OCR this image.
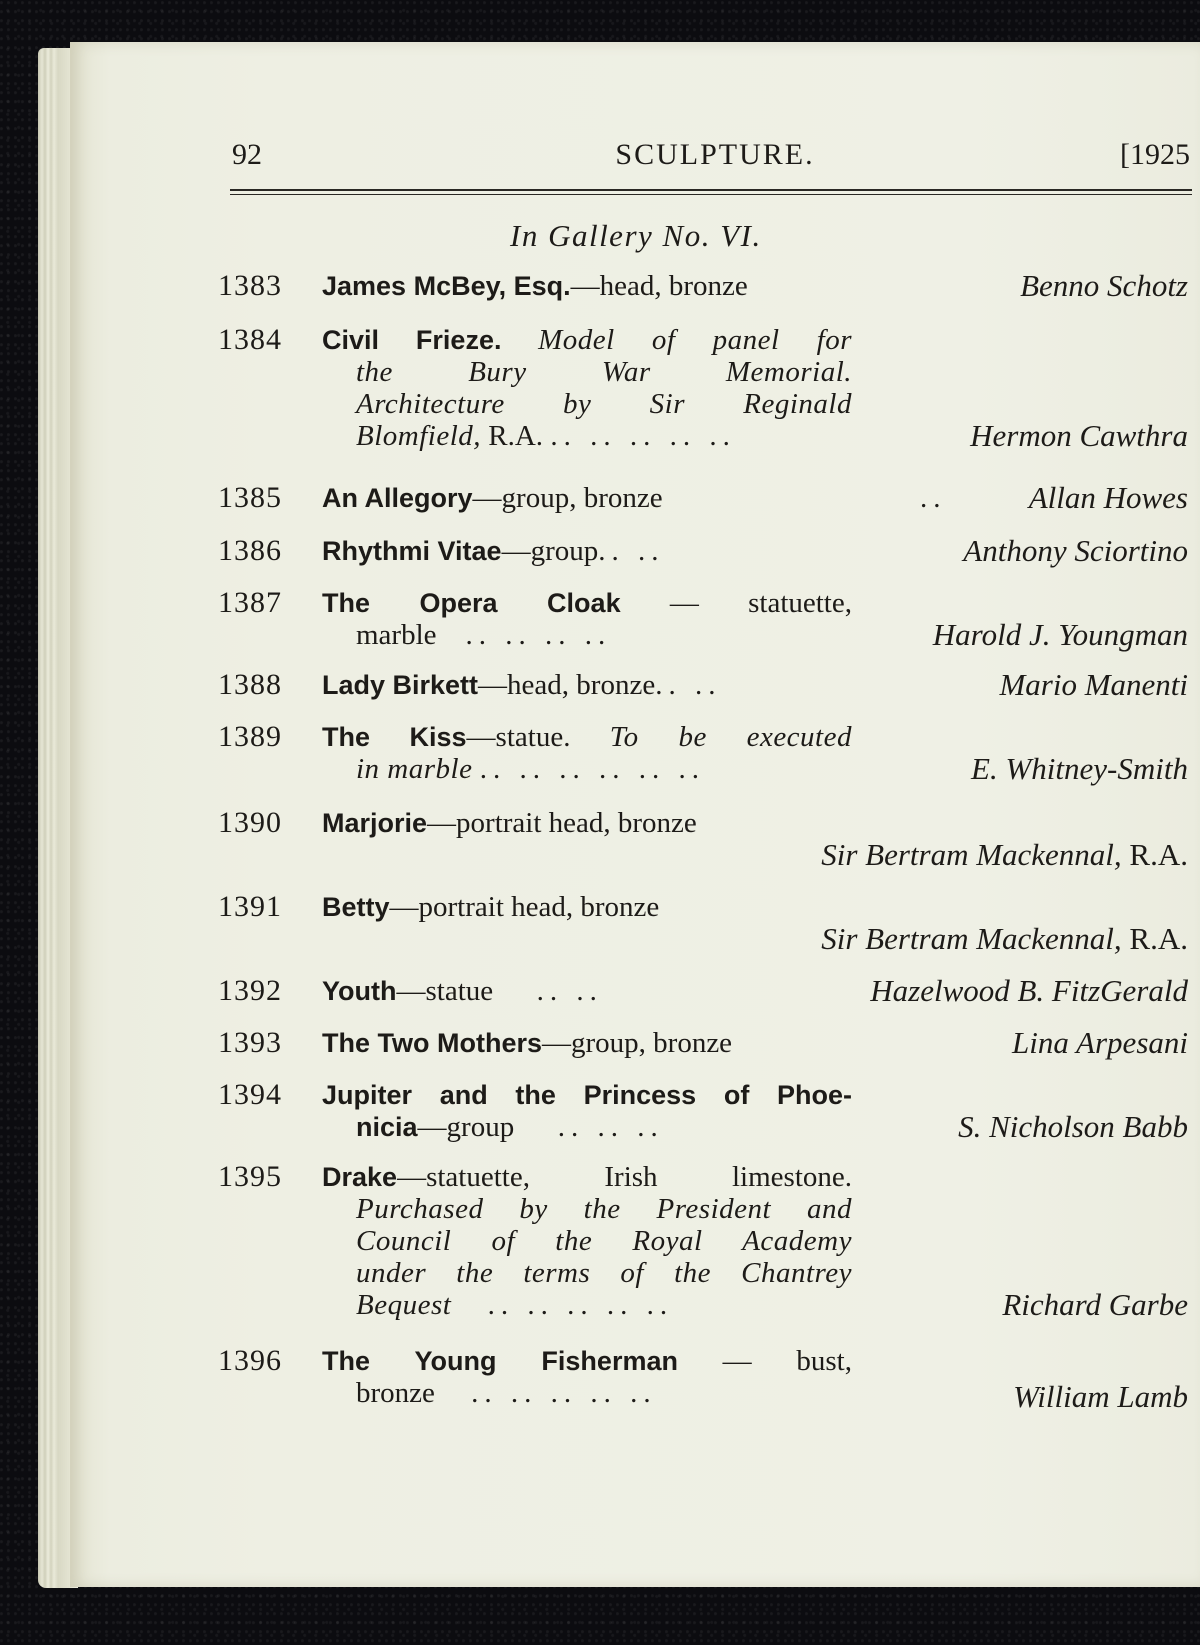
92	SCULPTURE.	[1925
In Gallery No. VI.
1383 James McBey, Esq.—head, bronze	Benno Schotz
1384 Civil Frieze. Model of panel for
the Bury War Memorial.
Architecture by Sir Reginald
Blomfield, R.A. .. .. .. .. ..	Hermon Cawthra
1385 An Allegory—group, bronze	..	Allan Howes
1386 Rhythmi Vitae—group.. ..	Anthony Sciortino
1387 The Opera Cloak — statuette,
marble .. .. .. ..	Harold J. Youngman
1388 Lady Birkett—head, bronze.. ..	Mario Manenti
1389 The Kiss—statue. To be executed
in marble .. .. .. .. .. ..	E. Whitney-Smith
1390 Marjorie—portrait head, bronze
Sir Bertram Mackennal, R.A.
1391 Betty—portrait head, bronze
Sir Bertram Mackennal, R.A.
1392 Youth—statue .. ..	Hazelwood B. FitzGerald
1393 The Two Mothers—group, bronze	Lina Arpesani
1394 Jupiter and the Princess of Phoe-
nicia—group .. .. ..	S. Nicholson Babb
1395 Drake—statuette, Irish limestone.
Purchased by the President and
Council of the Royal Academy
under the terms of the Chantrey
Bequest .. .. .. .. ..	Richard Garbe
1396 The Young Fisherman — bust,
bronze .. .. .. .. ..	William Lamb
